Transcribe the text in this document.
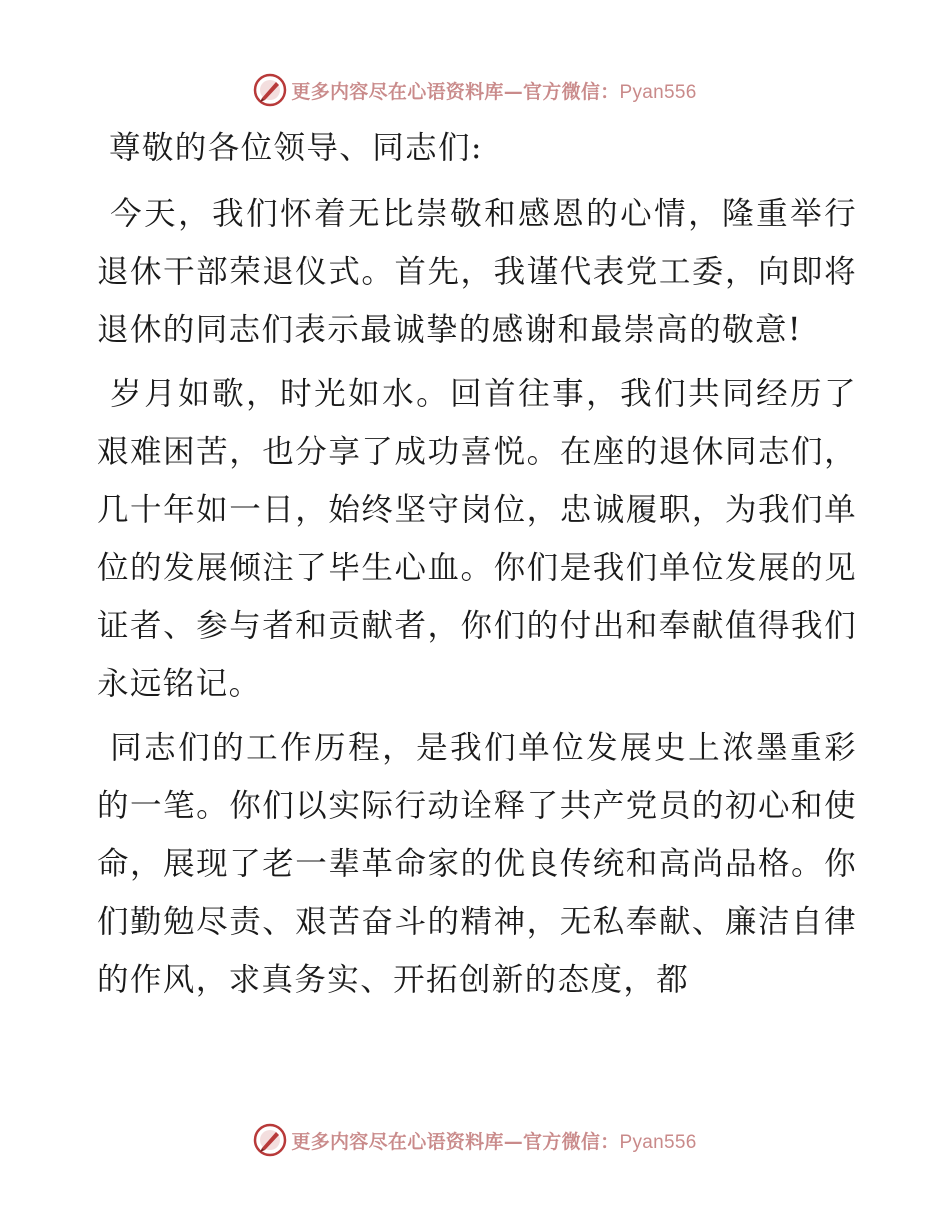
更多内容尽在心语资料库—官方微信：Pyan556

尊敬的各位领导、同志们:

今天，我们怀着无比崇敬和感恩的心情，隆重举行退休干部荣退仪式。首先，我谨代表党工委，向即将退休的同志们表示最诚挚的感谢和最崇高的敬意!

岁月如歌，时光如水。回首往事，我们共同经历了艰难困苦，也分享了成功喜悦。在座的退休同志们，几十年如一日，始终坚守岗位，忠诚履职，为我们单位的发展倾注了毕生心血。你们是我们单位发展的见证者、参与者和贡献者，你们的付出和奉献值得我们永远铭记。

同志们的工作历程，是我们单位发展史上浓墨重彩的一笔。你们以实际行动诠释了共产党员的初心和使命，展现了老一辈革命家的优良传统和高尚品格。你们勤勉尽责、艰苦奋斗的精神，无私奉献、廉洁自律的作风，求真务实、开拓创新的态度，都

更多内容尽在心语资料库—官方微信：Pyan556
